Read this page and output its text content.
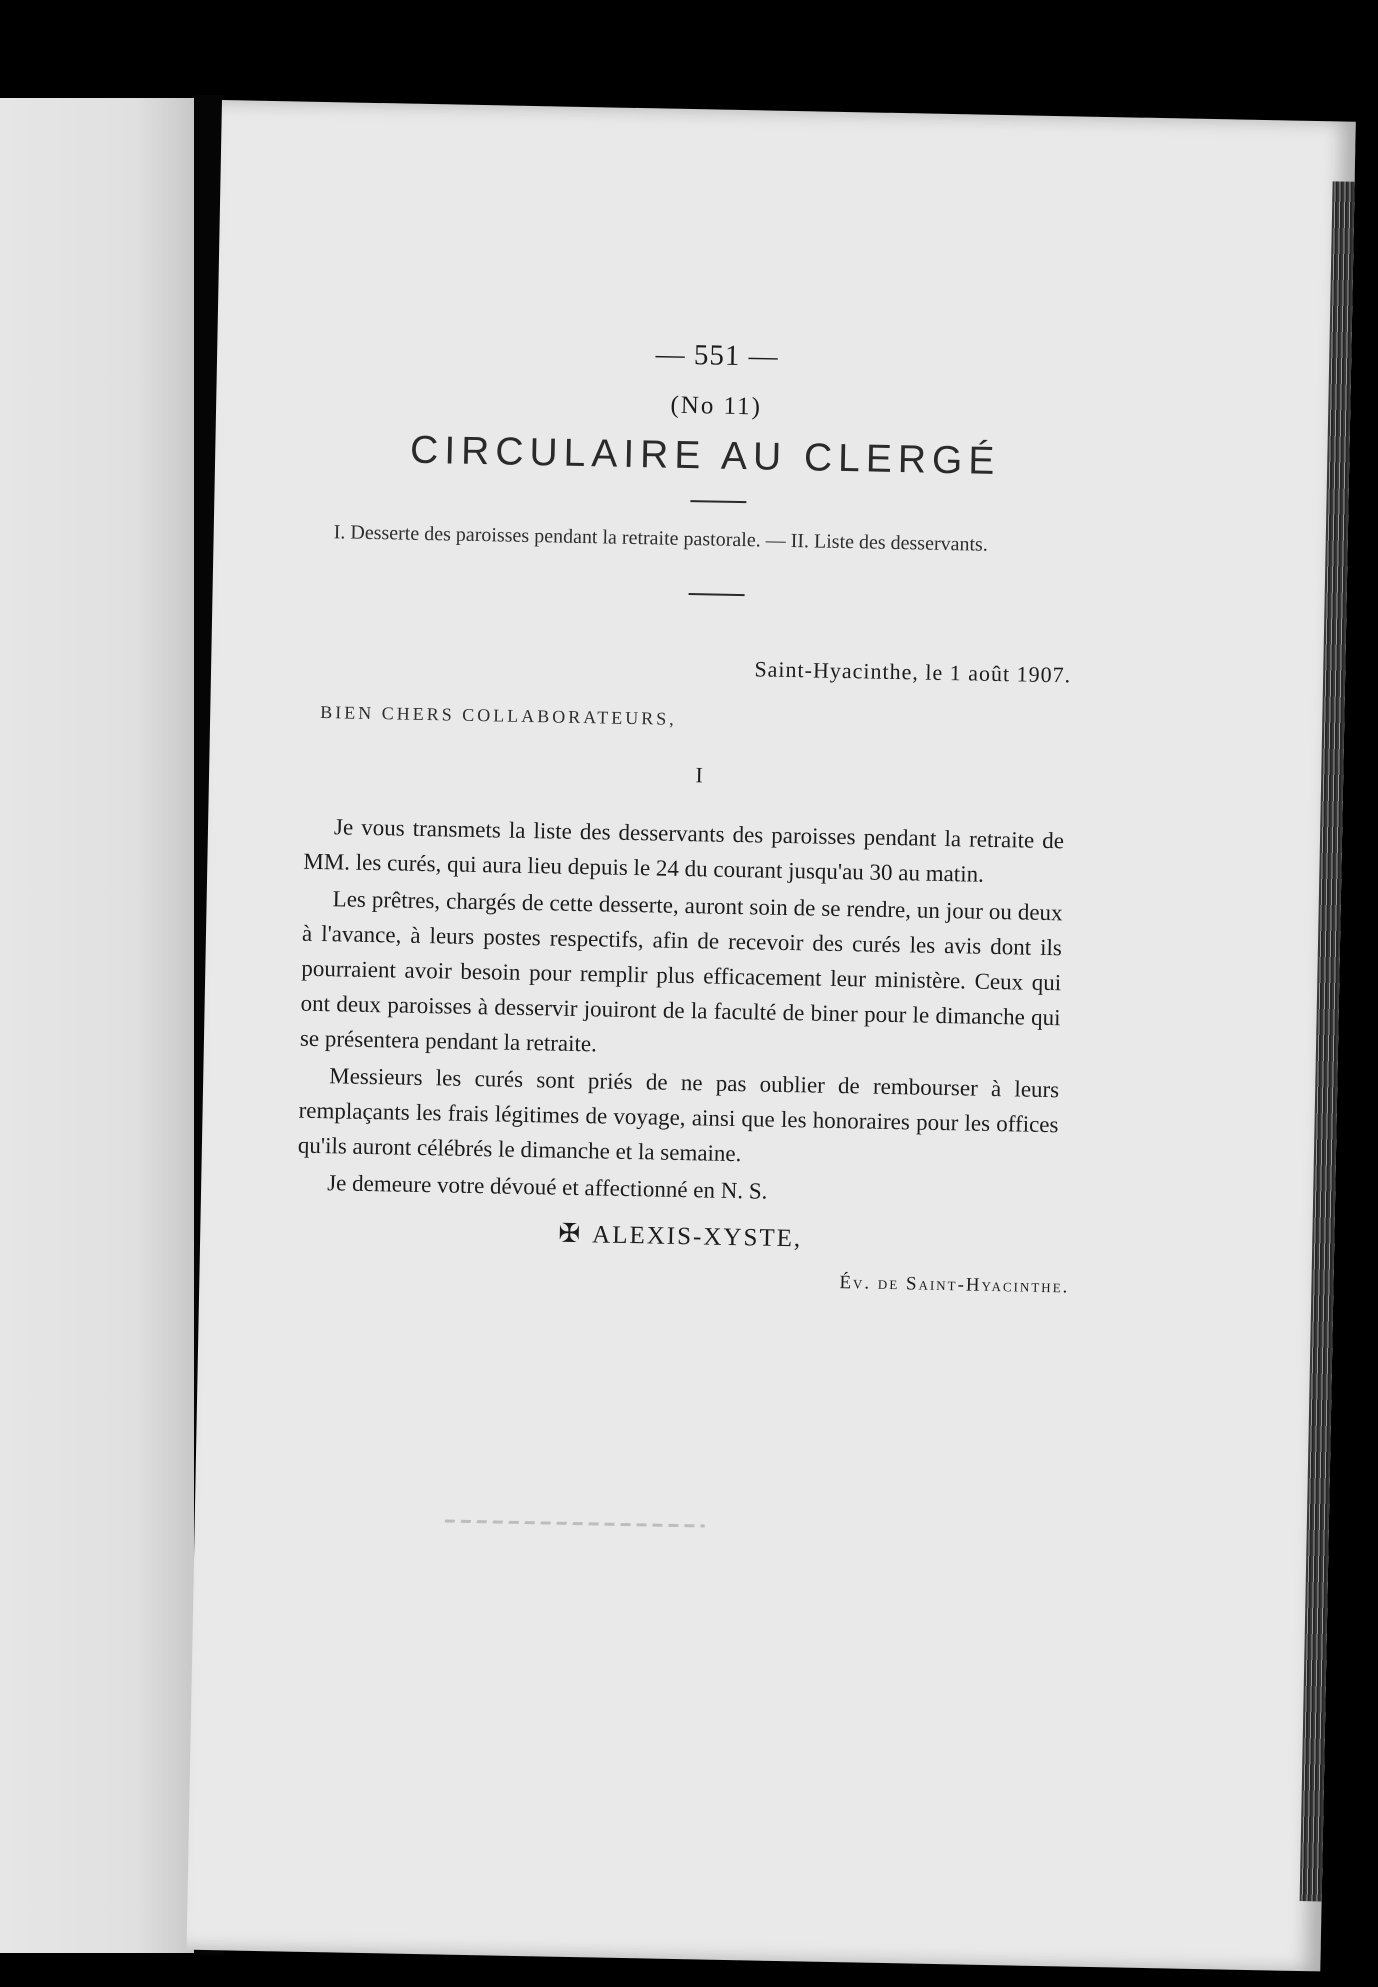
— 551 —
(No 11)
CIRCULAIRE AU CLERGÉ
I. Desserte des paroisses pendant la retraite pastorale. — II. Liste des desservants.
Saint-Hyacinthe, le 1 août 1907.
BIEN CHERS COLLABORATEURS,
I

Je vous transmets la liste des desservants des paroisses pendant la retraite de MM. les curés, qui aura lieu depuis le 24 du courant jusqu'au 30 au matin.

Les prêtres, chargés de cette desserte, auront soin de se rendre, un jour ou deux à l'avance, à leurs postes respectifs, afin de recevoir des curés les avis dont ils pourraient avoir besoin pour remplir plus efficacement leur ministère. Ceux qui ont deux paroisses à desservir jouiront de la faculté de biner pour le dimanche qui se présentera pendant la retraite.

Messieurs les curés sont priés de ne pas oublier de rembourser à leurs remplaçants les frais légitimes de voyage, ainsi que les honoraires pour les offices qu'ils auront célébrés le dimanche et la semaine.

Je demeure votre dévoué et affectionné en N. S.

✠ ALEXIS-XYSTE,
Év. de Saint-Hyacinthe.
